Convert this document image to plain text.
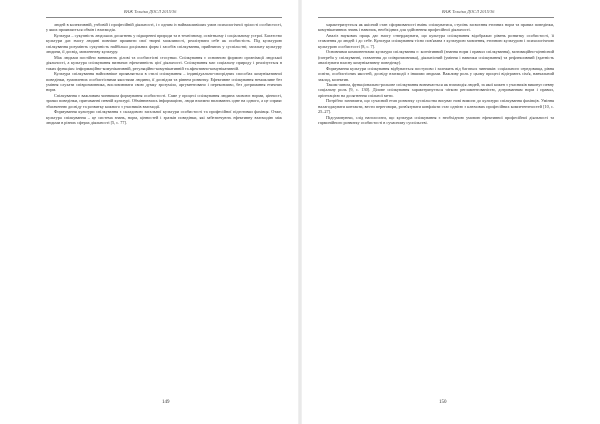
ВАЖ Техніка ДОСЛ 2015/36

людей в колективній, учбовій і професійній діяльності, і є одним із найважливіших умов психологічної зрілості особистості, у яких проявляється обмін і взаємодія.

Культура – сукупність людських досягнень у підкоренні природи та в технічному, освітньому і соціальному устрої. Багатство культури дає змогу людині повніше проявити свої творчі можливості, реалізувати себе як особистість. Під культурою спілкування розуміють сукупність найбільш доцільних форм і засобів спілкування, прийнятих у суспільстві; загальну культуру людини, її досвід, мовленнєву культуру.

Між людьми постійно виникають ділові та особистісні стосунки. Спілкування є основною формою організації людської діяльності, а культура спілкування визначає ефективність цієї діяльності. Спілкування має соціальну природу і реалізується в таких функціях: інформаційно-комунікативній, регуляційно-комунікативній та афективно-комунікативній.

Культура спілкування найповніше проявляється в стилі спілкування – індивідуально-своєрідних способах комунікативної поведінки, зумовлених особистісними якостями людини, її досвідом та рівнем розвитку. Ефективне спілкування неможливе без уміння слухати співрозмовника, висловлювати свою думку зрозуміло, аргументовано і переконливо, без дотримання етичних норм.

Спілкування є важливим чинником формування особистості. Саме у процесі спілкування людина засвоює норми, цінності, зразки поведінки, притаманні певній культурі. Обмінюючись інформацією, люди взаємно впливають одне на одного, а це сприяє збагаченню досвіду та розвитку кожного з учасників взаємодії.

Формування культури спілкування є складовою загальної культури особистості та професійної підготовки фахівця. Отже, культура спілкування – це система знань, норм, цінностей і зразків поведінки, які забезпечують ефективну взаємодію між людьми в різних сферах діяльності [5, с. 77].

149
ВАЖ Техніка ДОСЛ 2015/36

характеризується як якісний стан сформованості вмінь спілкуватися, ступінь засвоєння етичних норм та правил поведінки, комунікативних знань і навичок, необхідних для здійснення професійної діяльності.

Аналіз наукових праць дає змогу стверджувати, що культура спілкування відображає рівень розвитку особистості, її ставлення до людей і до себе. Культура спілкування тісно пов'язана з культурою мовлення, етичною культурою і психологічною культурою особистості [8, с. 7].

Основними компонентами культури спілкування є: когнітивний (знання норм і правил спілкування), мотиваційно-ціннісний (потреба у спілкуванні, ставлення до співрозмовника), діяльнісний (уміння і навички спілкування) та рефлексивний (здатність аналізувати власну комунікативну поведінку).

Формування культури спілкування відбувається поступово і залежить від багатьох чинників: соціального середовища, рівня освіти, особистісних якостей, досвіду взаємодії з іншими людьми. Важливу роль у цьому процесі відіграють сім'я, навчальний заклад, колектив.

Таким чином, функціонально-рольове спілкування визначається як взаємодія людей, за якої кожен з учасників виконує певну соціальну роль [9, с. 130]. Ділове спілкування характеризується чіткою регламентованістю, дотриманням норм і правил, орієнтацією на досягнення спільної мети.

Потрібно зазначити, що сучасний етап розвитку суспільства висуває нові вимоги до культури спілкування фахівців. Уміння налагоджувати контакти, вести переговори, розв'язувати конфлікти стає однією з ключових професійних компетентностей [10, с. 25–27].

Підсумовуючи, слід наголосити, що культура спілкування є необхідною умовою ефективної професійної діяльності та гармонійного розвитку особистості в сучасному суспільстві.

150
